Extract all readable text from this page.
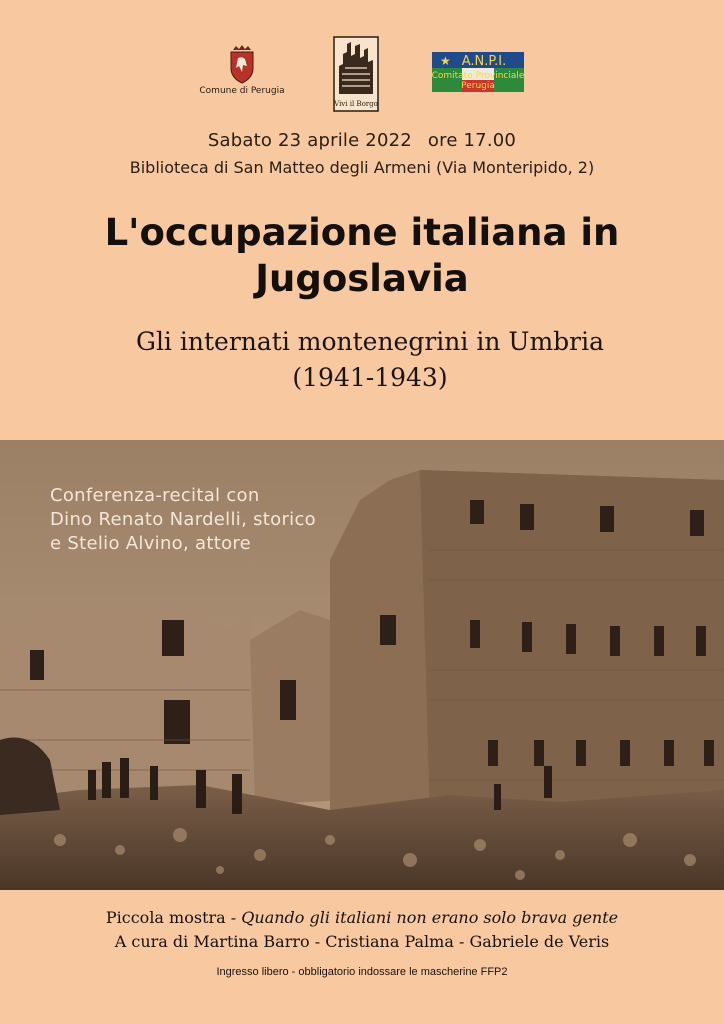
Comune di Perugia
Vivi il Borgo
★ A.N.P.I.
Comitato Provinciale
Perugia
Sabato 23 aprile 2022 ore 17.00
Biblioteca di San Matteo degli Armeni (Via Monteripido, 2)
L'occupazione italiana in
Jugoslavia
Gli internati montenegrini in Umbria
(1941-1943)
Conferenza-recital con
Dino Renato Nardelli, storico
e Stelio Alvino, attore
Piccola mostra - Quando gli italiani non erano solo brava gente
A cura di Martina Barro - Cristiana Palma - Gabriele de Veris
Ingresso libero - obbligatorio indossare le mascherine FFP2
